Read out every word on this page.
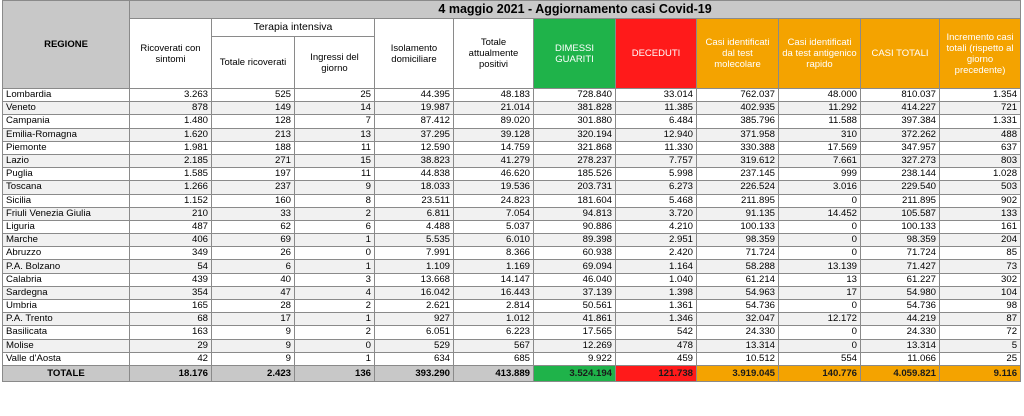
REGIONE	4 maggio 2021 - Aggiornamento casi Covid-19										
	Ricoverati con sintomi	Terapia intensiva		Isolamento domiciliare	Totale attualmente positivi	DIMESSI GUARITI	DECEDUTI	Casi identificati dal test molecolare	Casi identificati da test antigenico rapido	CASI TOTALI	Incremento casi totali (rispetto al giorno precedente)
		Totale ricoverati	Ingressi del giorno								
Lombardia	3.263	525	25	44.395	48.183	728.840	33.014	762.037	48.000	810.037	1.354
Veneto	878	149	14	19.987	21.014	381.828	11.385	402.935	11.292	414.227	721
Campania	1.480	128	7	87.412	89.020	301.880	6.484	385.796	11.588	397.384	1.331
Emilia-Romagna	1.620	213	13	37.295	39.128	320.194	12.940	371.958	310	372.262	488
Piemonte	1.981	188	11	12.590	14.759	321.868	11.330	330.388	17.569	347.957	637
Lazio	2.185	271	15	38.823	41.279	278.237	7.757	319.612	7.661	327.273	803
Puglia	1.585	197	11	44.838	46.620	185.526	5.998	237.145	999	238.144	1.028
Toscana	1.266	237	9	18.033	19.536	203.731	6.273	226.524	3.016	229.540	503
Sicilia	1.152	160	8	23.511	24.823	181.604	5.468	211.895	0	211.895	902
Friuli Venezia Giulia	210	33	2	6.811	7.054	94.813	3.720	91.135	14.452	105.587	133
Liguria	487	62	6	4.488	5.037	90.886	4.210	100.133	0	100.133	161
Marche	406	69	1	5.535	6.010	89.398	2.951	98.359	0	98.359	204
Abruzzo	349	26	0	7.991	8.366	60.938	2.420	71.724	0	71.724	85
P.A. Bolzano	54	6	1	1.109	1.169	69.094	1.164	58.288	13.139	71.427	73
Calabria	439	40	3	13.668	14.147	46.040	1.040	61.214	13	61.227	302
Sardegna	354	47	4	16.042	16.443	37.139	1.398	54.963	17	54.980	104
Umbria	165	28	2	2.621	2.814	50.561	1.361	54.736	0	54.736	98
P.A. Trento	68	17	1	927	1.012	41.861	1.346	32.047	12.172	44.219	87
Basilicata	163	9	2	6.051	6.223	17.565	542	24.330	0	24.330	72
Molise	29	9	0	529	567	12.269	478	13.314	0	13.314	5
Valle d'Aosta	42	9	1	634	685	9.922	459	10.512	554	11.066	25
TOTALE	18.176	2.423	136	393.290	413.889	3.524.194	121.738	3.919.045	140.776	4.059.821	9.116
